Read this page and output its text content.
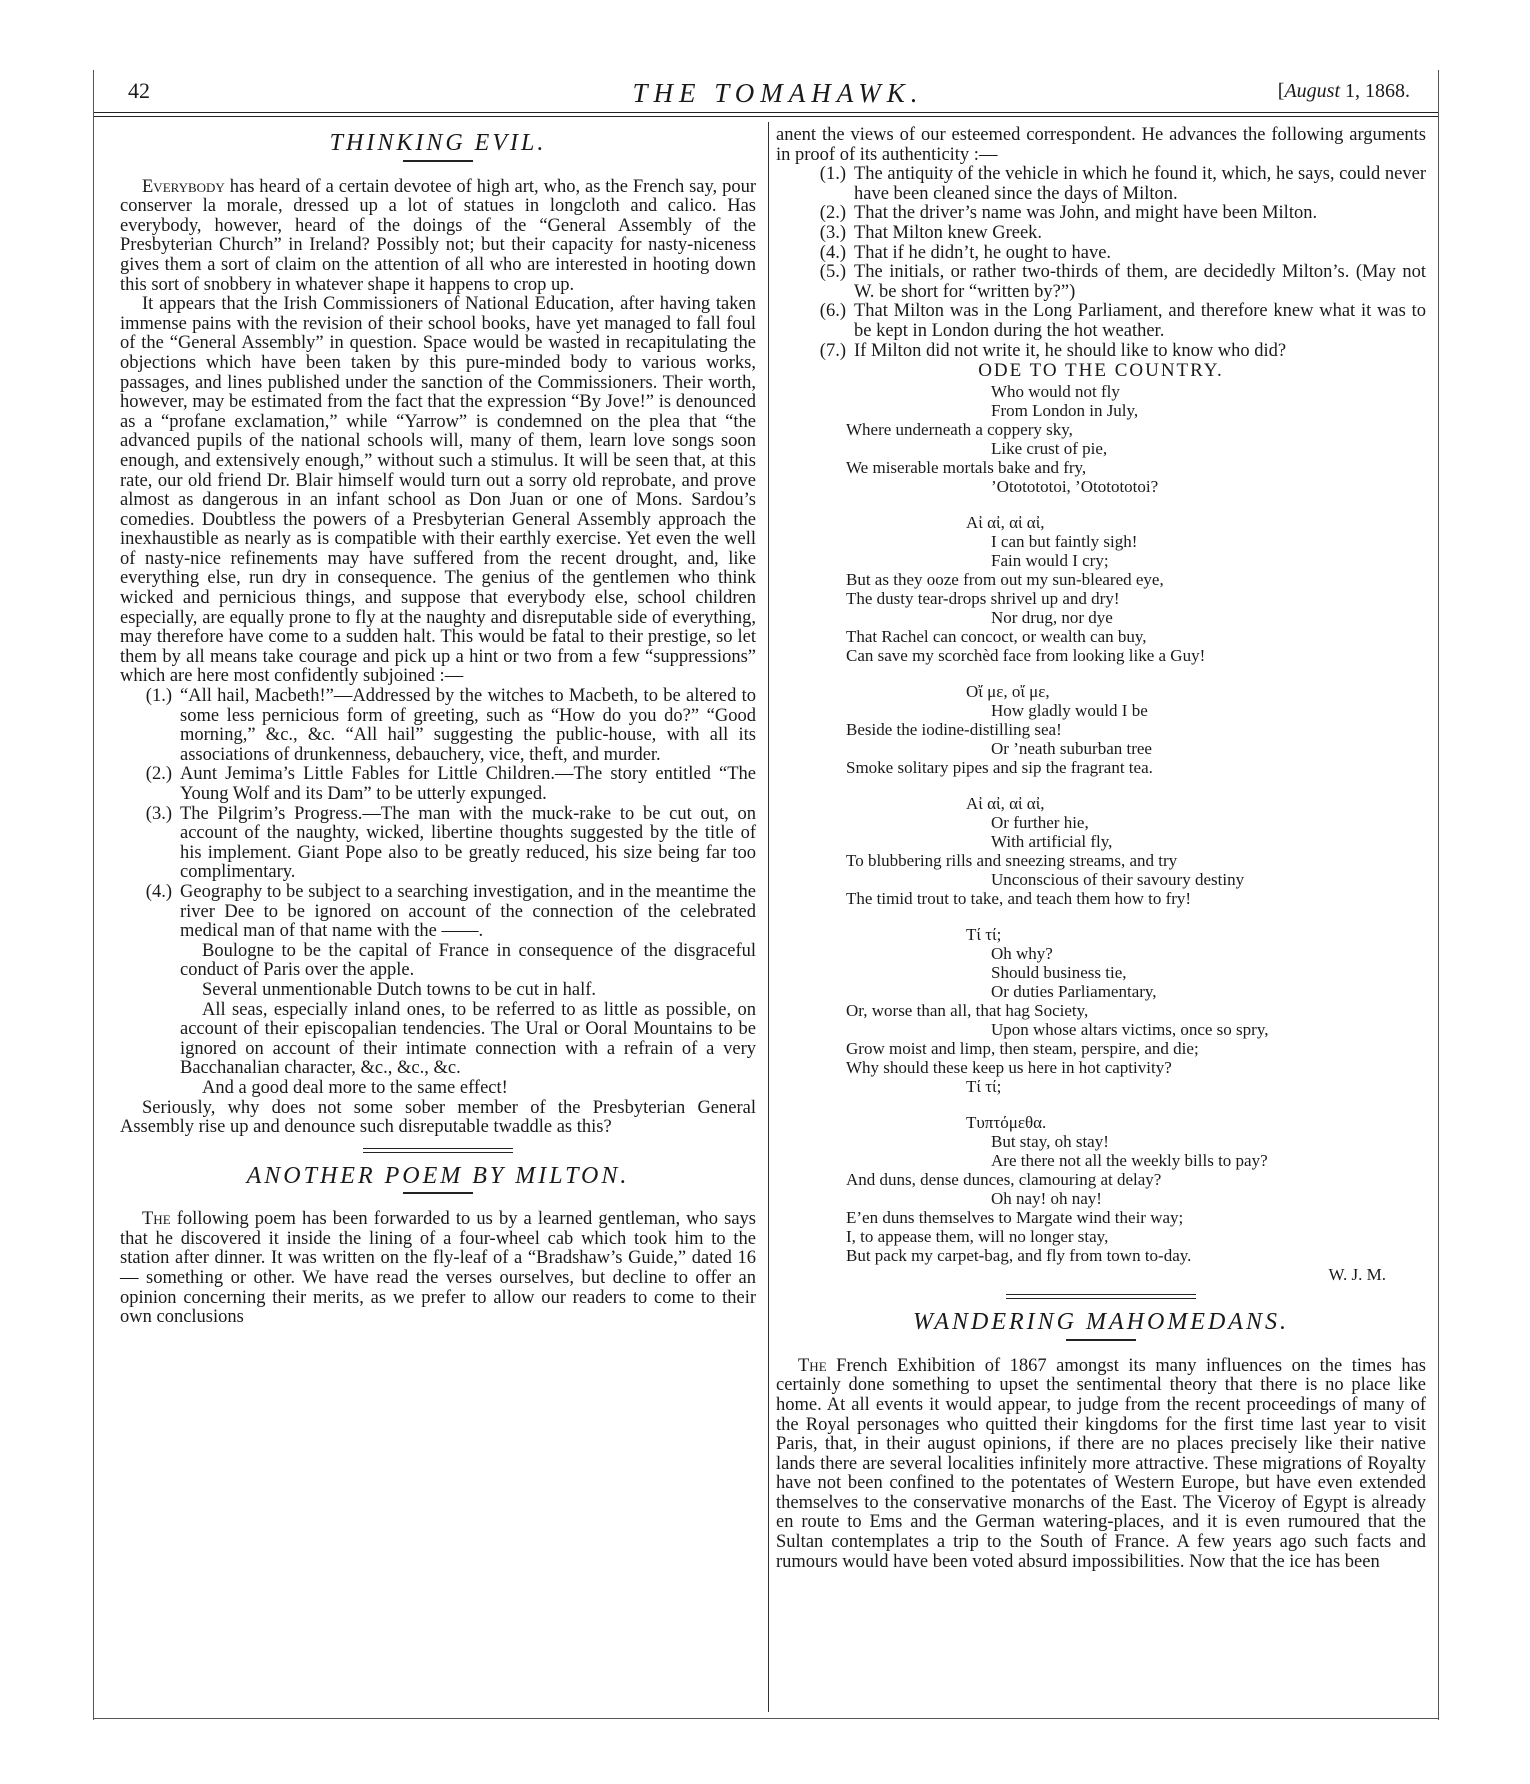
42	THE TOMAHAWK.	[August 1, 1868.
THINKING EVIL.

Everybody has heard of a certain devotee of high art, who, as the French say, pour conserver la morale, dressed up a lot of statues in longcloth and calico. Has everybody, however, heard of the doings of the “General Assembly of the Presbyterian Church” in Ireland? Possibly not; but their capacity for nasty-niceness gives them a sort of claim on the attention of all who are interested in hooting down this sort of snobbery in whatever shape it happens to crop up.

It appears that the Irish Commissioners of National Education, after having taken immense pains with the revision of their school books, have yet managed to fall foul of the “General Assembly” in question. Space would be wasted in recapitulating the objections which have been taken by this pure-minded body to various works, passages, and lines published under the sanction of the Commissioners. Their worth, however, may be estimated from the fact that the expression “By Jove!” is denounced as a “profane exclamation,” while “Yarrow” is condemned on the plea that “the advanced pupils of the national schools will, many of them, learn love songs soon enough, and extensively enough,” without such a stimulus. It will be seen that, at this rate, our old friend Dr. Blair himself would turn out a sorry old reprobate, and prove almost as dangerous in an infant school as Don Juan or one of Mons. Sardou’s comedies. Doubtless the powers of a Presbyterian General Assembly approach the inexhaustible as nearly as is compatible with their earthly exercise. Yet even the well of nasty-nice refinements may have suffered from the recent drought, and, like everything else, run dry in consequence. The genius of the gentlemen who think wicked and pernicious things, and suppose that everybody else, school children especially, are equally prone to fly at the naughty and disreputable side of everything, may therefore have come to a sudden halt. This would be fatal to their prestige, so let them by all means take courage and pick up a hint or two from a few “suppressions” which are here most confidently subjoined :—

(1.) “All hail, Macbeth!”—Addressed by the witches to Macbeth, to be altered to some less pernicious form of greeting, such as “How do you do?” “Good morning,” &c., &c. “All hail” suggesting the public-house, with all its associations of drunkenness, debauchery, vice, theft, and murder.
(2.) Aunt Jemima’s Little Fables for Little Children.—The story entitled “The Young Wolf and its Dam” to be utterly expunged.
(3.) The Pilgrim’s Progress.—The man with the muck-rake to be cut out, on account of the naughty, wicked, libertine thoughts suggested by the title of his implement. Giant Pope also to be greatly reduced, his size being far too complimentary.
(4.) Geography to be subject to a searching investigation, and in the meantime the river Dee to be ignored on account of the connection of the celebrated medical man of that name with the ——.

Boulogne to be the capital of France in consequence of the disgraceful conduct of Paris over the apple.

Several unmentionable Dutch towns to be cut in half.

All seas, especially inland ones, to be referred to as little as possible, on account of their episcopalian tendencies. The Ural or Ooral Mountains to be ignored on account of their intimate connection with a refrain of a very Bacchanalian character, &c., &c., &c.

And a good deal more to the same effect!

Seriously, why does not some sober member of the Presbyterian General Assembly rise up and denounce such disreputable twaddle as this?

ANOTHER POEM BY MILTON.

The following poem has been forwarded to us by a learned gentleman, who says that he discovered it inside the lining of a four-wheel cab which took him to the station after dinner. It was written on the fly-leaf of a “Bradshaw’s Guide,” dated 16— something or other. We have read the verses ourselves, but decline to offer an opinion concerning their merits, as we prefer to allow our readers to come to their own conclusions

anent the views of our esteemed correspondent. He advances the following arguments in proof of its authenticity :—

(1.) The antiquity of the vehicle in which he found it, which, he says, could never have been cleaned since the days of Milton.
(2.) That the driver’s name was John, and might have been Milton.
(3.) That Milton knew Greek.
(4.) That if he didn’t, he ought to have.
(5.) The initials, or rather two-thirds of them, are decidedly Milton’s. (May not W. be short for “written by?”)
(6.) That Milton was in the Long Parliament, and therefore knew what it was to be kept in London during the hot weather.
(7.) If Milton did not write it, he should like to know who did?
ODE TO THE COUNTRY.
Who would not fly
From London in July,
Where underneath a coppery sky,
Like crust of pie,
We miserable mortals bake and fry,
’Ototototoi, ’Ototototoi?
Aἰ αἰ, αἰ αἰ,
I can but faintly sigh!
Fain would I cry;
But as they ooze from out my sun-bleared eye,
The dusty tear-drops shrivel up and dry!
Nor drug, nor dye
That Rachel can concoct, or wealth can buy,
Can save my scorchèd face from looking like a Guy!
Oἴ με, οἴ με,
How gladly would I be
Beside the iodine-distilling sea!
Or ’neath suburban tree
Smoke solitary pipes and sip the fragrant tea.
Aἰ αἰ, αἰ αἰ,
Or further hie,
With artificial fly,
To blubbering rills and sneezing streams, and try
Unconscious of their savoury destiny
The timid trout to take, and teach them how to fry!
Tί τί;
Oh why?
Should business tie,
Or duties Parliamentary,
Or, worse than all, that hag Society,
Upon whose altars victims, once so spry,
Grow moist and limp, then steam, perspire, and die;
Why should these keep us here in hot captivity?
Tί τί;
Τυπτόμεθα.
But stay, oh stay!
Are there not all the weekly bills to pay?
And duns, dense dunces, clamouring at delay?
Oh nay! oh nay!
E’en duns themselves to Margate wind their way;
I, to appease them, will no longer stay,
But pack my carpet-bag, and fly from town to-day.
W. J. M.
WANDERING MAHOMEDANS.

The French Exhibition of 1867 amongst its many influences on the times has certainly done something to upset the sentimental theory that there is no place like home. At all events it would appear, to judge from the recent proceedings of many of the Royal personages who quitted their kingdoms for the first time last year to visit Paris, that, in their august opinions, if there are no places precisely like their native lands there are several localities infinitely more attractive. These migrations of Royalty have not been confined to the potentates of Western Europe, but have even extended themselves to the conservative monarchs of the East. The Viceroy of Egypt is already en route to Ems and the German watering-places, and it is even rumoured that the Sultan contemplates a trip to the South of France. A few years ago such facts and rumours would have been voted absurd impossibilities. Now that the ice has been
